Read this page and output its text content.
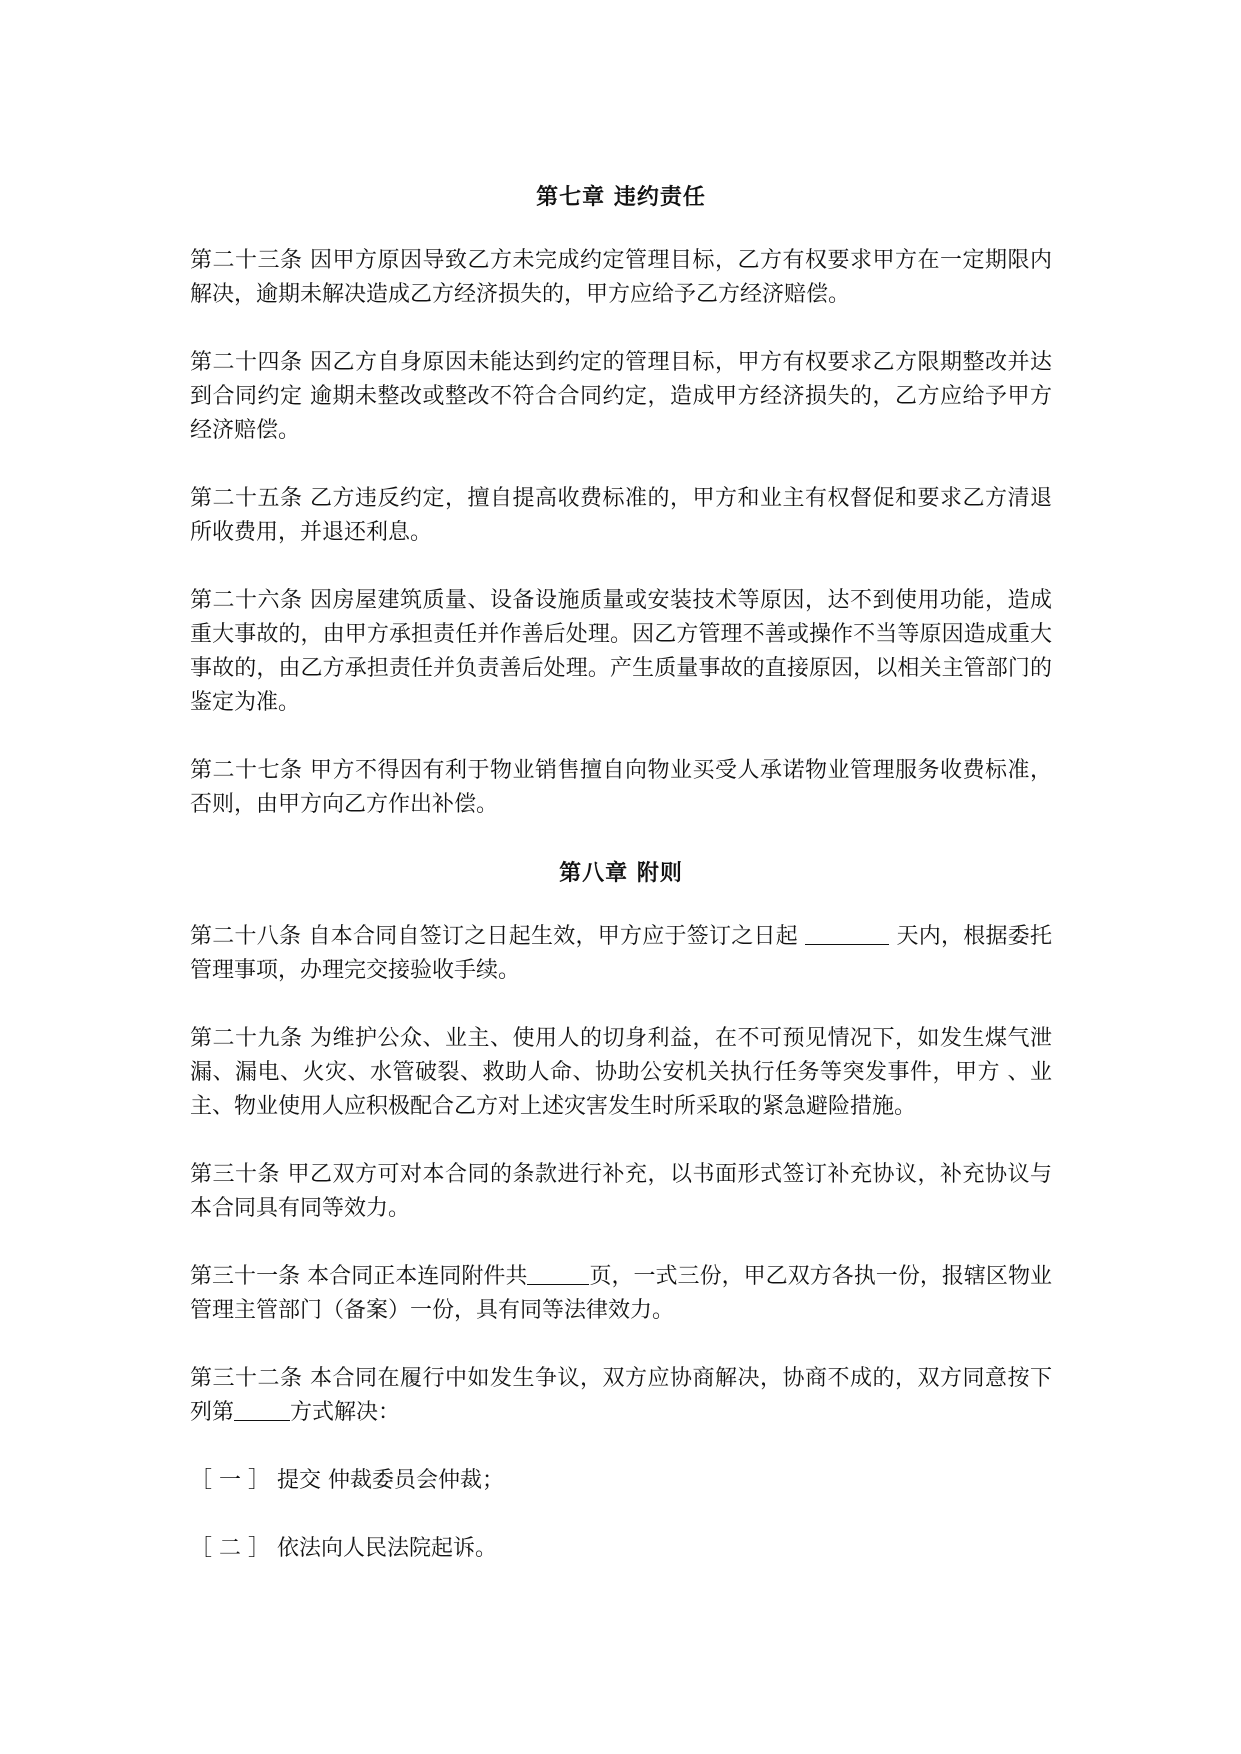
第七章 违约责任

第二十三条 因甲方原因导致乙方未完成约定管理目标，乙方有权要求甲方在一定期限内解决，逾期未解决造成乙方经济损失的，甲方应给予乙方经济赔偿。

第二十四条 因乙方自身原因未能达到约定的管理目标，甲方有权要求乙方限期整改并达到合同约定 逾期未整改或整改不符合合同约定，造成甲方经济损失的，乙方应给予甲方经济赔偿。

第二十五条 乙方违反约定，擅自提高收费标准的，甲方和业主有权督促和要求乙方清退所收费用，并退还利息。

第二十六条 因房屋建筑质量、设备设施质量或安装技术等原因，达不到使用功能，造成重大事故的，由甲方承担责任并作善后处理。因乙方管理不善或操作不当等原因造成重大事故的，由乙方承担责任并负责善后处理。产生质量事故的直接原因，以相关主管部门的鉴定为准。

第二十七条 甲方不得因有利于物业销售擅自向物业买受人承诺物业管理服务收费标准，否则，由甲方向乙方作出补偿。

第八章 附则

第二十八条 自本合同自签订之日起生效，甲方应于签订之日起	天内，根据委托管理事项，办理完交接验收手续。

第二十九条 为维护公众、业主、使用人的切身利益，在不可预见情况下，如发生煤气泄漏、漏电、火灾、水管破裂、救助人命、协助公安机关执行任务等突发事件，甲方 、业主、物业使用人应积极配合乙方对上述灾害发生时所采取的紧急避险措施。

第三十条 甲乙双方可对本合同的条款进行补充，以书面形式签订补充协议，补充协议与本合同具有同等效力。

第三十一条 本合同正本连同附件共	页，一式三份，甲乙双方各执一份，报辖区物业管理主管部门（备案）一份，具有同等法律效力。

第三十二条 本合同在履行中如发生争议，双方应协商解决，协商不成的，双方同意按下列第	方式解决：

［ 一 ］ 提交 仲裁委员会仲裁；

［ 二 ］ 依法向人民法院起诉。
